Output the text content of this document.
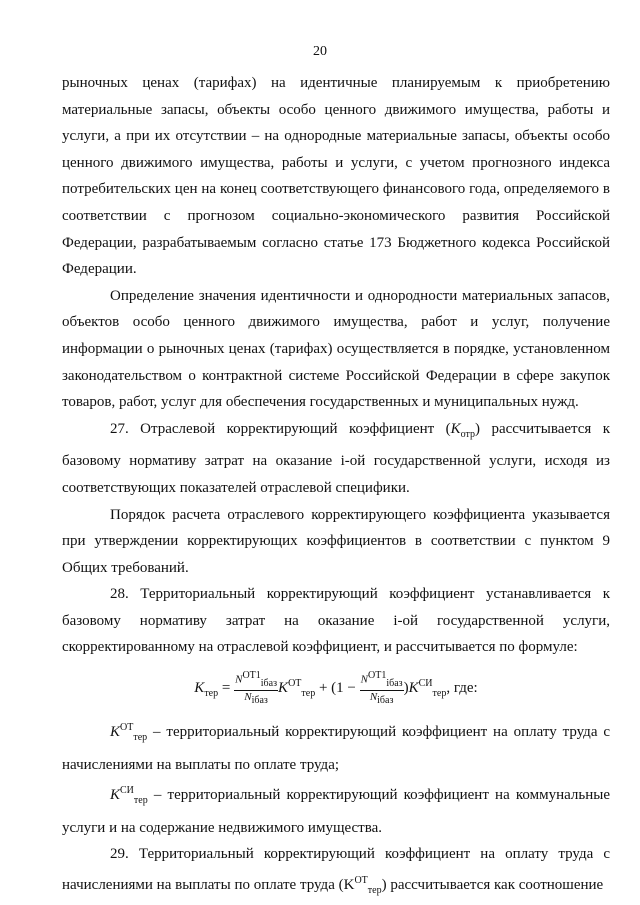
20

рыночных ценах (тарифах) на идентичные планируемым к приобретению материальные запасы, объекты особо ценного движимого имущества, работы и услуги, а при их отсутствии – на однородные материальные запасы, объекты особо ценного движимого имущества, работы и услуги, с учетом прогнозного индекса потребительских цен на конец соответствующего финансового года, определяемого в соответствии с прогнозом социально-экономического развития Российской Федерации, разрабатываемым согласно статье 173 Бюджетного кодекса Российской Федерации.

Определение значения идентичности и однородности материальных запасов, объектов особо ценного движимого имущества, работ и услуг, получение информации о рыночных ценах (тарифах) осуществляется в порядке, установленном законодательством о контрактной системе Российской Федерации в сфере закупок товаров, работ, услуг для обеспечения государственных и муниципальных нужд.

27. Отраслевой корректирующий коэффициент $(K_{отр})$ рассчитывается к базовому нормативу затрат на оказание i-ой государственной услуги, исходя из соответствующих показателей отраслевой специфики.

Порядок расчета отраслевого корректирующего коэффициента указывается при утверждении корректирующих коэффициентов в соответствии с пунктом 9 Общих требований.

28. Территориальный корректирующий коэффициент устанавливается к базовому нормативу затрат на оказание i-ой государственной услуги, скорректированному на отраслевой коэффициент, и рассчитывается по формуле:

$K_{тер} = \frac{N^{ОТ1}_{iбаз}}{N_{iбаз}} K^{ОТ}_{тер} + (1 - \frac{N^{ОТ1}_{iбаз}}{N_{iбаз}} )K^{СИ}_{тер}$, где:

$K^{ОТ}_{тер}$ – территориальный корректирующий коэффициент на оплату труда с начислениями на выплаты по оплате труда;

$K^{СИ}_{тер}$ – территориальный корректирующий коэффициент на коммунальные услуги и на содержание недвижимого имущества.

29. Территориальный корректирующий коэффициент на оплату труда с начислениями на выплаты по оплате труда $(K^{ОТ}_{тер})$ рассчитывается как соотношение
